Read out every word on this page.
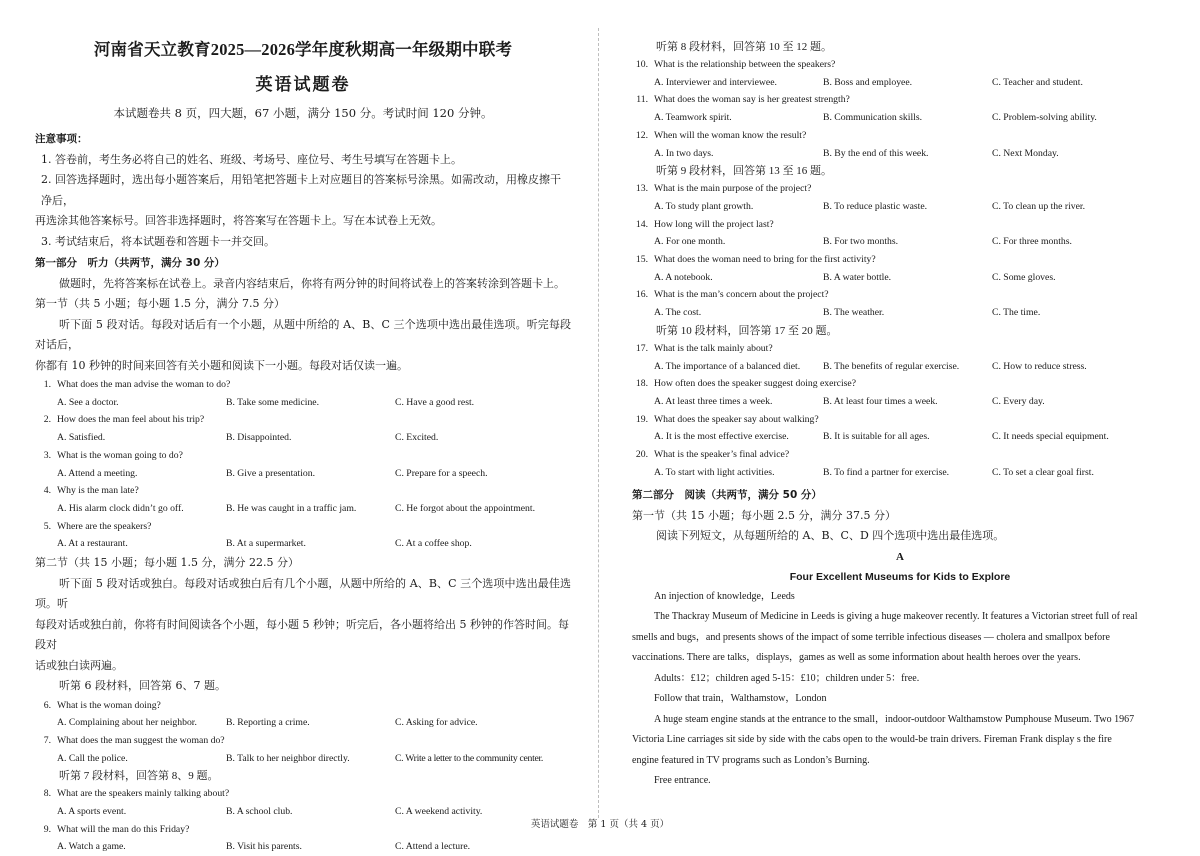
河南省天立教育2025—2026学年度秋期高一年级期中联考
英语试题卷
本试题卷共 8 页，四大题，67 小题，满分 150 分。考试时间 120 分钟。
注意事项：
1. 答卷前，考生务必将自己的姓名、班级、考场号、座位号、考生号填写在答题卡上。
2. 回答选择题时，选出每小题答案后，用铅笔把答题卡上对应题目的答案标号涂黑。如需改动，用橡皮擦干净后，
再选涂其他答案标号。回答非选择题时，将答案写在答题卡上。写在本试卷上无效。
3. 考试结束后，将本试题卷和答题卡一并交回。
第一部分　听力（共两节，满分 30 分）
做题时，先将答案标在试卷上。录音内容结束后，你将有两分钟的时间将试卷上的答案转涂到答题卡上。
第一节（共 5 小题；每小题 1.5 分，满分 7.5 分）
听下面 5 段对话。每段对话后有一个小题，从题中所给的 A、B、C 三个选项中选出最佳选项。听完每段对话后，
你都有 10 秒钟的时间来回答有关小题和阅读下一小题。每段对话仅读一遍。
1. What does the man advise the woman to do?
A. See a doctor.	B. Take some medicine.	C. Have a good rest.
2. How does the man feel about his trip?
A. Satisfied.	B. Disappointed.	C. Excited.
3. What is the woman going to do?
A. Attend a meeting.	B. Give a presentation.	C. Prepare for a speech.
4. Why is the man late?
A. His alarm clock didn’t go off.	B. He was caught in a traffic jam.	C. He forgot about the appointment.
5. Where are the speakers?
A. At a restaurant.	B. At a supermarket.	C. At a coffee shop.
第二节（共 15 小题；每小题 1.5 分，满分 22.5 分）
听下面 5 段对话或独白。每段对话或独白后有几个小题，从题中所给的 A、B、C 三个选项中选出最佳选项。听
每段对话或独白前，你将有时间阅读各个小题，每小题 5 秒钟；听完后，各小题将给出 5 秒钟的作答时间。每段对
话或独白读两遍。
听第 6 段材料，回答第 6、7 题。
6. What is the woman doing?
A. Complaining about her neighbor.	B. Reporting a crime.	C. Asking for advice.
7. What does the man suggest the woman do?
A. Call the police.	B. Talk to her neighbor directly.	C. Write a letter to the community center.
听第 7 段材料，回答第 8、9 题。
8. What are the speakers mainly talking about?
A. A sports event.	B. A school club.	C. A weekend activity.
9. What will the man do this Friday?
A. Watch a game.	B. Visit his parents.	C. Attend a lecture.
听第 8 段材料，回答第 10 至 12 题。
10. What is the relationship between the speakers?
A. Interviewer and interviewee.	B. Boss and employee.	C. Teacher and student.
11. What does the woman say is her greatest strength?
A. Teamwork spirit.	B. Communication skills.	C. Problem-solving ability.
12. When will the woman know the result?
A. In two days.	B. By the end of this week.	C. Next Monday.
听第 9 段材料，回答第 13 至 16 题。
13. What is the main purpose of the project?
A. To study plant growth.	B. To reduce plastic waste.	C. To clean up the river.
14. How long will the project last?
A. For one month.	B. For two months.	C. For three months.
15. What does the woman need to bring for the first activity?
A. A notebook.	B. A water bottle.	C. Some gloves.
16. What is the man’s concern about the project?
A. The cost.	B. The weather.	C. The time.
听第 10 段材料，回答第 17 至 20 题。
17. What is the talk mainly about?
A. The importance of a balanced diet.	B. The benefits of regular exercise.	C. How to reduce stress.
18. How often does the speaker suggest doing exercise?
A. At least three times a week.	B. At least four times a week.	C. Every day.
19. What does the speaker say about walking?
A. It is the most effective exercise.	B. It is suitable for all ages.	C. It needs special equipment.
20. What is the speaker’s final advice?
A. To start with light activities.	B. To find a partner for exercise.	C. To set a clear goal first.
第二部分　阅读（共两节，满分 50 分）
第一节（共 15 小题；每小题 2.5 分，满分 37.5 分）
阅读下列短文，从每题所给的 A、B、C、D 四个选项中选出最佳选项。
A
Four Excellent Museums for Kids to Explore
An injection of knowledge，Leeds
The Thackray Museum of Medicine in Leeds is giving a huge makeover recently. It features a Victorian street full of real
smells and bugs，and presents shows of the impact of some terrible infectious diseases — cholera and smallpox before
vaccinations. There are talks，displays，games as well as some information about health heroes over the years.
Adults：£12；children aged 5-15：£10；children under 5：free.
Follow that train，Walthamstow，London
A huge steam engine stands at the entrance to the small，indoor-outdoor Walthamstow Pumphouse Museum. Two 1967
Victoria Line carriages sit side by side with the cabs open to the would-be train drivers. Fireman Frank display s the fire
engine featured in TV programs such as London’s Burning.
Free entrance.
英语试题卷　第 1 页（共 4 页）
